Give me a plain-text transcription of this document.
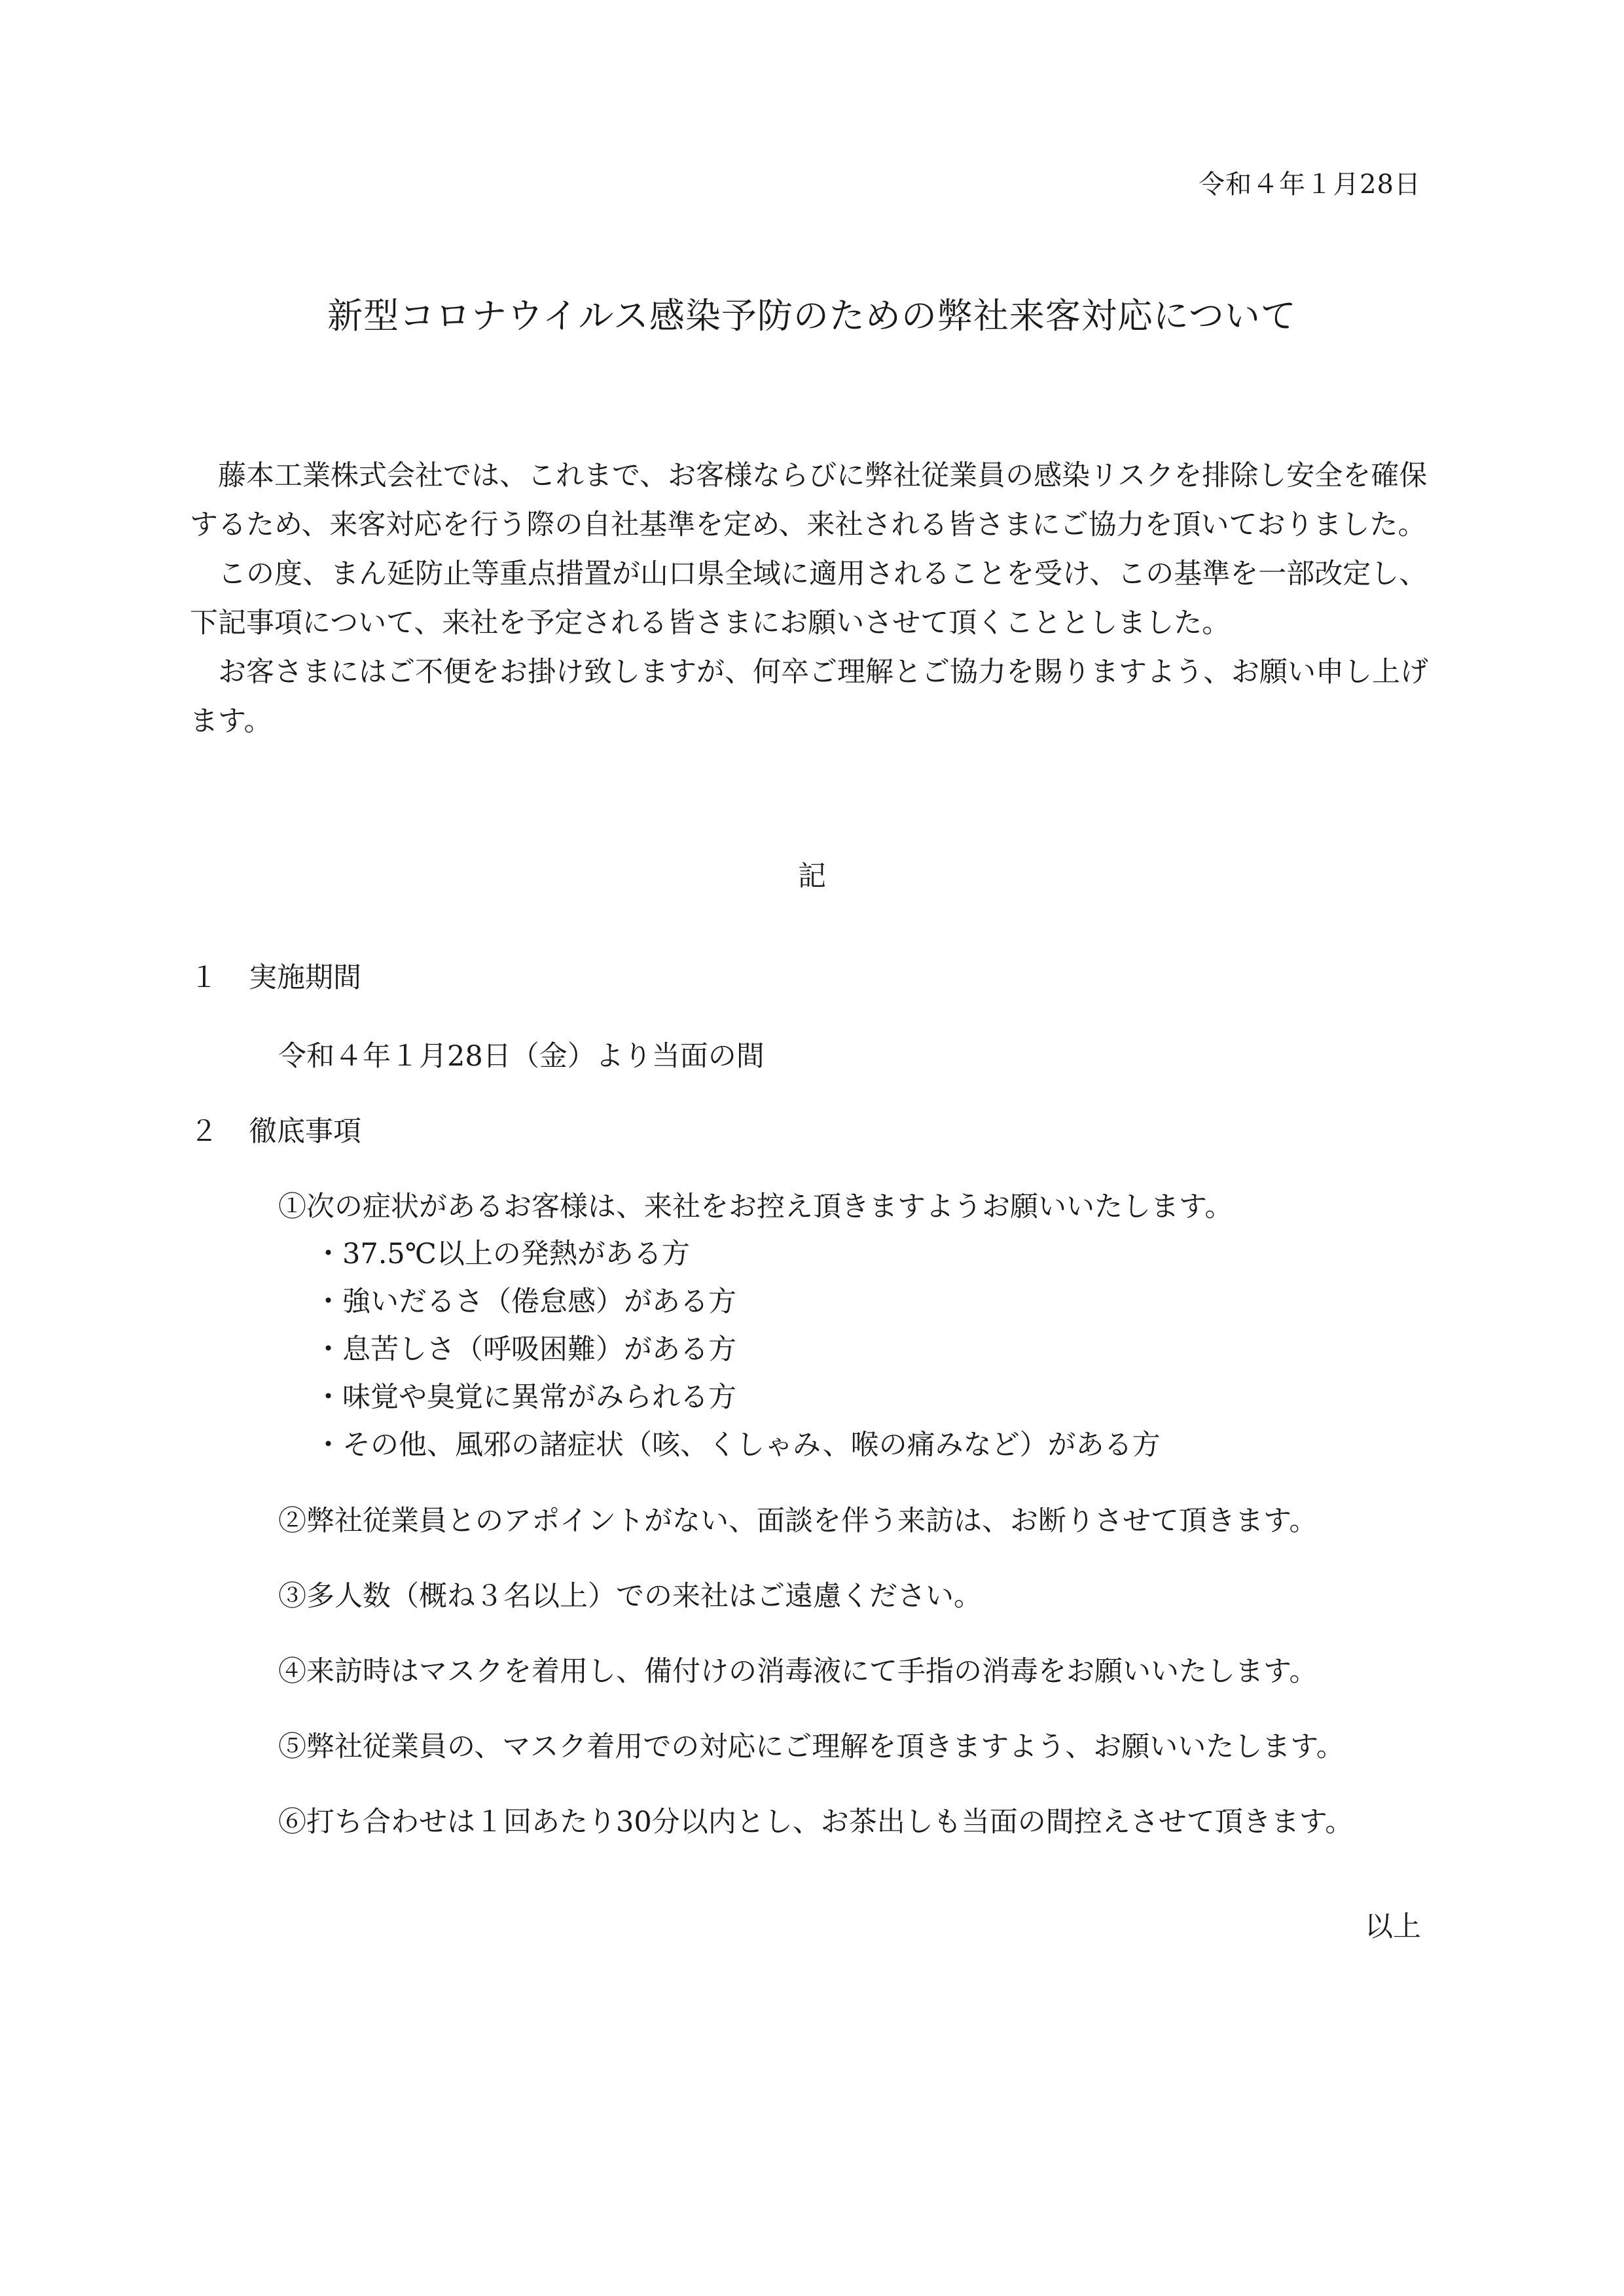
令和４年１月28日
新型コロナウイルス感染予防のための弊社来客対応について

藤本工業株式会社では、これまで、お客様ならびに弊社従業員の感染リスクを排除し安全を確保するため、来客対応を行う際の自社基準を定め、来社される皆さまにご協力を頂いておりました。

この度、まん延防止等重点措置が山口県全域に適用されることを受け、この基準を一部改定し、下記事項について、来社を予定される皆さまにお願いさせて頂くこととしました。

お客さまにはご不便をお掛け致しますが、何卒ご理解とご協力を賜りますよう、お願い申し上げます。

記
１ 実施期間
令和４年１月28日（金）より当面の間
２ 徹底事項
①次の症状があるお客様は、来社をお控え頂きますようお願いいたします。
・37.5℃以上の発熱がある方
・強いだるさ（倦怠感）がある方
・息苦しさ（呼吸困難）がある方
・味覚や臭覚に異常がみられる方
・その他、風邪の諸症状（咳、くしゃみ、喉の痛みなど）がある方
②弊社従業員とのアポイントがない、面談を伴う来訪は、お断りさせて頂きます。
③多人数（概ね３名以上）での来社はご遠慮ください。
④来訪時はマスクを着用し、備付けの消毒液にて手指の消毒をお願いいたします。
⑤弊社従業員の、マスク着用での対応にご理解を頂きますよう、お願いいたします。
⑥打ち合わせは１回あたり30分以内とし、お茶出しも当面の間控えさせて頂きます。
以上
